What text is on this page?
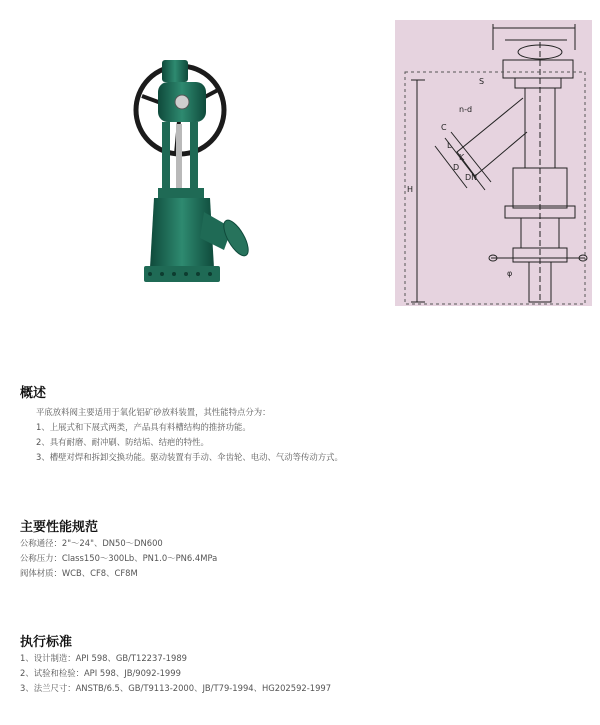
S
H
DN
C
D
K
L
n-d
φ
概述

平底放料阀主要适用于氧化铝矿砂放料装置，其性能特点分为：

1、上展式和下展式两类，产品具有料槽结构的推挤功能。

2、具有耐磨、耐冲刷、防结垢、结疤的特性。

3、槽壁对焊和拆卸交换功能。驱动装置有手动、伞齿轮、电动、气动等传动方式。

主要性能规范

公称通径：2"～24"、DN50～DN600

公称压力：Class150～300Lb、PN1.0～PN6.4MPa

阀体材质：WCB、CF8、CF8M

执行标准

1、设计制造：API 598、GB/T12237-1989

2、试验和检验：API 598、JB/9092-1999

3、法兰尺寸：ANSTB/6.5、GB/T9113-2000、JB/T79-1994、HG202592-1997
